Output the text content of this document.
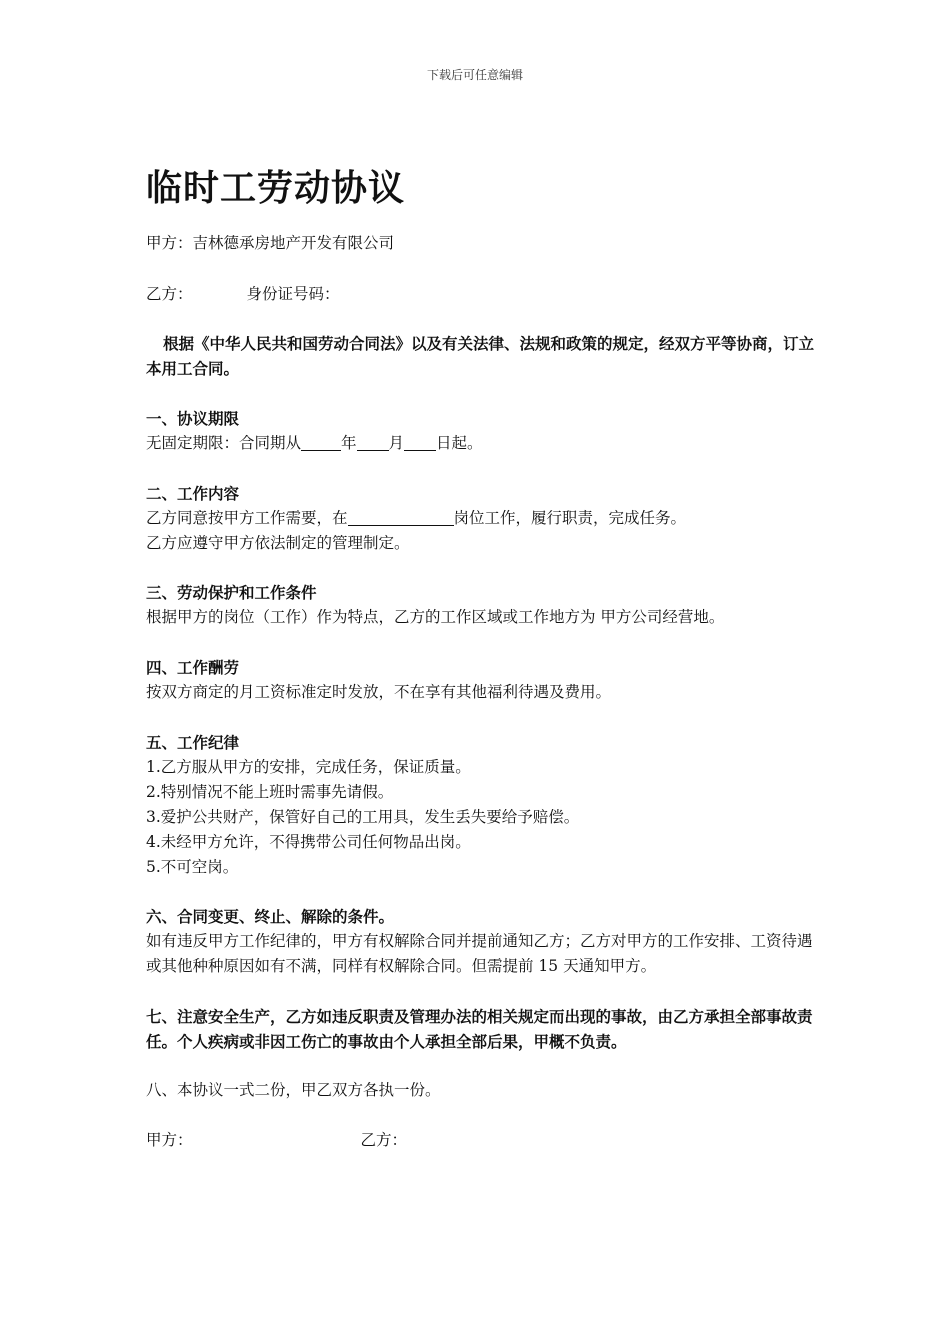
下载后可任意编辑
临时工劳动协议
甲方：吉林德承房地产开发有限公司
乙方：	身份证号码：
根据《中华人民共和国劳动合同法》以及有关法律、法规和政策的规定，经双方平等协商，订立本用工合同。
一、协议期限
无固定期限：合同期从	年 月 日起。
二、工作内容
乙方同意按甲方工作需要，在	岗位工作，履行职责，完成任务。
乙方应遵守甲方依法制定的管理制定。
三、劳动保护和工作条件
根据甲方的岗位（工作）作为特点，乙方的工作区域或工作地方为 甲方公司经营地。
四、工作酬劳
按双方商定的月工资标准定时发放，不在享有其他福利待遇及费用。
五、工作纪律
1.乙方服从甲方的安排，完成任务，保证质量。
2.特别情况不能上班时需事先请假。
3.爱护公共财产，保管好自己的工用具，发生丢失要给予赔偿。
4.未经甲方允许，不得携带公司任何物品出岗。
5.不可空岗。
六、合同变更、终止、解除的条件。
如有违反甲方工作纪律的，甲方有权解除合同并提前通知乙方；乙方对甲方的工作安排、工资待遇或其他种种原因如有不满，同样有权解除合同。但需提前 15 天通知甲方。
七、注意安全生产，乙方如违反职责及管理办法的相关规定而出现的事故，由乙方承担全部事故责任。个人疾病或非因工伤亡的事故由个人承担全部后果，甲概不负责。
八、本协议一式二份，甲乙双方各执一份。
甲方：	乙方：
